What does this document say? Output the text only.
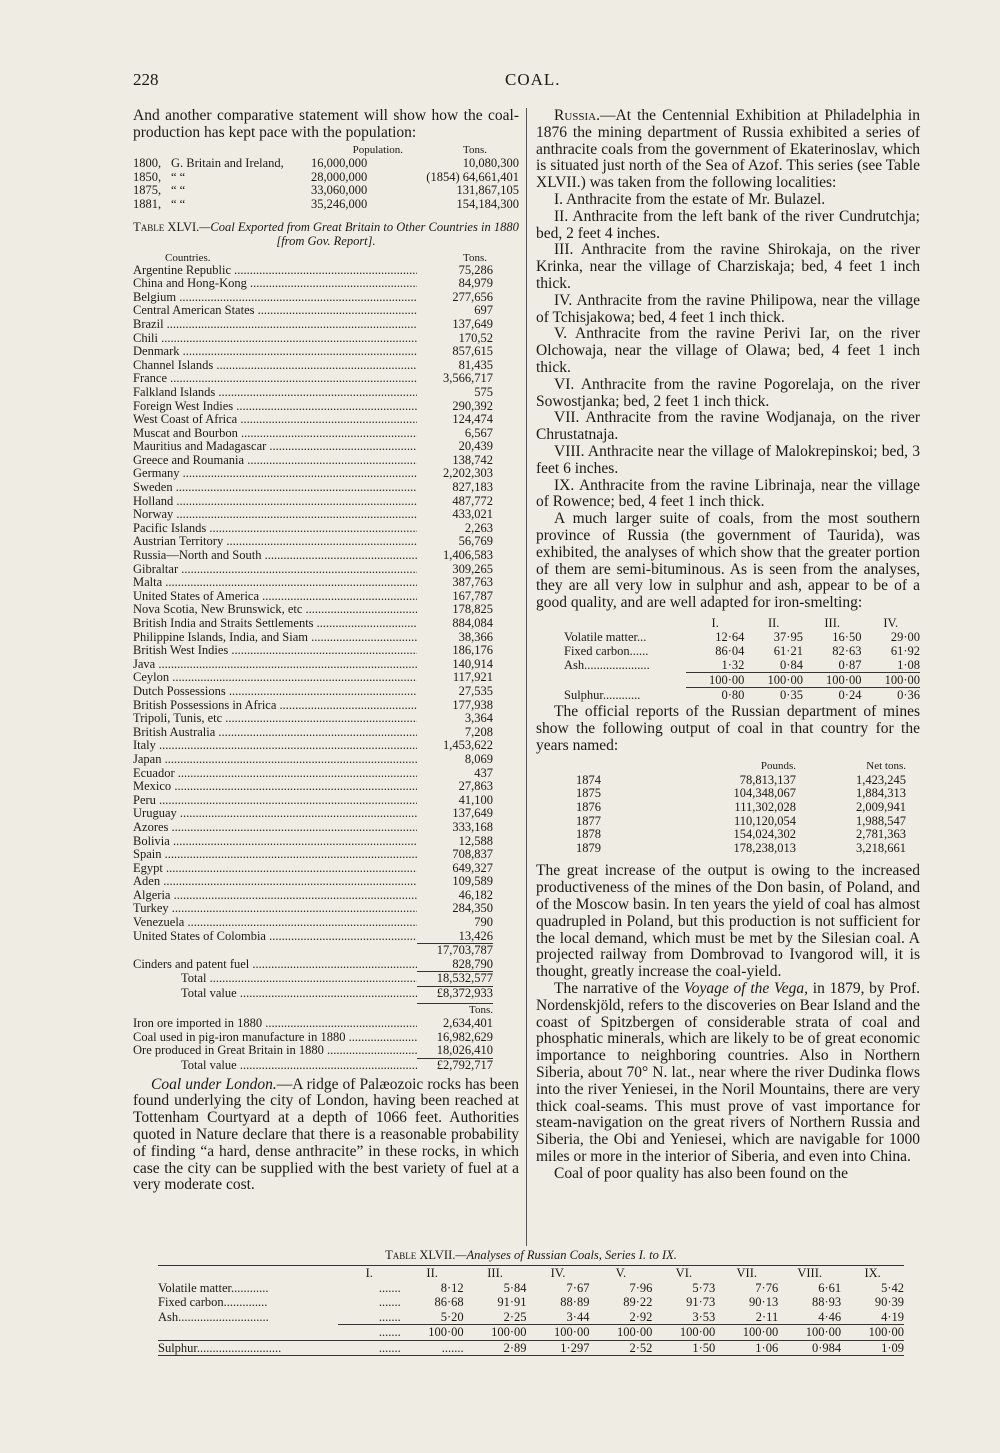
228	COAL.

And another comparative statement will show how the coal-production has kept pace with the population:

Population.	Tons.
1800, G. Britain and Ireland,	16,000,000	10,080,300
1850, “ “	28,000,000	(1854) 64,661,401
1875, “ “	33,060,000	131,867,105
1881, “ “	35,246,000	154,184,300
Table XLVI.—Coal Exported from Great Britain to Other Countries in 1880 [from Gov. Report].
Countries.	Tons.
Argentine Republic .....	75,286
China and Hong-Kong .....	84,979
Belgium .....	277,656
Central American States .....	697
Brazil .....	137,649
Chili .....	170,52
Denmark .....	857,615
Channel Islands .....	81,435
France .....	3,566,717
Falkland Islands .....	575
Foreign West Indies .....	290,392
West Coast of Africa .....	124,474
Muscat and Bourbon .....	6,567
Mauritius and Madagascar .....	20,439
Greece and Roumania .....	138,742
Germany .....	2,202,303
Sweden .....	827,183
Holland .....	487,772
Norway .....	433,021
Pacific Islands .....	2,263
Austrian Territory .....	56,769
Russia—North and South .....	1,406,583
Gibraltar .....	309,265
Malta .....	387,763
United States of America .....	167,787
Nova Scotia, New Brunswick, etc .....	178,825
British India and Straits Settlements .....	884,084
Philippine Islands, India, and Siam .....	38,366
British West Indies .....	186,176
Java .....	140,914
Ceylon .....	117,921
Dutch Possessions .....	27,535
British Possessions in Africa .....	177,938
Tripoli, Tunis, etc .....	3,364
British Australia .....	7,208
Italy .....	1,453,622
Japan .....	8,069
Ecuador .....	437
Mexico .....	27,863
Peru .....	41,100
Uruguay .....	137,649
Azores .....	333,168
Bolivia .....	12,588
Spain .....	708,837
Egypt .....	649,327
Aden .....	109,589
Algeria .....	46,182
Turkey .....	284,350
Venezuela .....	790
United States of Colombia .....	13,426
17,703,787
Cinders and patent fuel .....	828,790
Total .....	18,532,577
Total value .....	£8,372,933
Tons.
Iron ore imported in 1880 .....	2,634,401
Coal used in pig-iron manufacture in 1880 .....	16,982,629
Ore produced in Great Britain in 1880 .....	18,026,410
Total value .....	£2,792,717

Coal under London.—A ridge of Palæozoic rocks has been found underlying the city of London, having been reached at Tottenham Courtyard at a depth of 1066 feet. Authorities quoted in Nature declare that there is a reasonable probability of finding “a hard, dense anthracite” in these rocks, in which case the city can be supplied with the best variety of fuel at a very moderate cost.

Russia.—At the Centennial Exhibition at Philadelphia in 1876 the mining department of Russia exhibited a series of anthracite coals from the government of Ekaterinoslav, which is situated just north of the Sea of Azof. This series (see Table XLVII.) was taken from the following localities:

I. Anthracite from the estate of Mr. Bulazel.

II. Anthracite from the left bank of the river Cundrutchja; bed, 2 feet 4 inches.

III. Anthracite from the ravine Shirokaja, on the river Krinka, near the village of Charziskaja; bed, 4 feet 1 inch thick.

IV. Anthracite from the ravine Philipowa, near the village of Tchisjakowa; bed, 4 feet 1 inch thick.

V. Anthracite from the ravine Perivi Iar, on the river Olchowaja, near the village of Olawa; bed, 4 feet 1 inch thick.

VI. Anthracite from the ravine Pogorelaja, on the river Sowostjanka; bed, 2 feet 1 inch thick.

VII. Anthracite from the ravine Wodjanaja, on the river Chrustatnaja.

VIII. Anthracite near the village of Malokrepinskoi; bed, 3 feet 6 inches.

IX. Anthracite from the ravine Librinaja, near the village of Rowence; bed, 4 feet 1 inch thick.

A much larger suite of coals, from the most southern province of Russia (the government of Taurida), was exhibited, the analyses of which show that the greater portion of them are semi-bituminous. As is seen from the analyses, they are all very low in sulphur and ash, appear to be of a good quality, and are well adapted for iron-smelting:

I.	II.	III.	IV.
Volatile matter...	12·64	37·95	16·50	29·00
Fixed carbon......	86·04	61·21	82·63	61·92
Ash.....................	1·32	0·84	0·87	1·08
100·00	100·00	100·00	100·00
Sulphur............	0·80	0·35	0·24	0·36

The official reports of the Russian department of mines show the following output of coal in that country for the years named:

Pounds.	Net tons.
1874	78,813,137	1,423,245
1875	104,348,067	1,884,313
1876	111,302,028	2,009,941
1877	110,120,054	1,988,547
1878	154,024,302	2,781,363
1879	178,238,013	3,218,661

The great increase of the output is owing to the increased productiveness of the mines of the Don basin, of Poland, and of the Moscow basin. In ten years the yield of coal has almost quadrupled in Poland, but this production is not sufficient for the local demand, which must be met by the Silesian coal. A projected railway from Dombrovad to Ivangorod will, it is thought, greatly increase the coal-yield.

The narrative of the Voyage of the Vega, in 1879, by Prof. Nordenskjöld, refers to the discoveries on Bear Island and the coast of Spitzbergen of considerable strata of coal and phosphatic minerals, which are likely to be of great economic importance to neighboring countries. Also in Northern Siberia, about 70° N. lat., near where the river Dudinka flows into the river Yeniesei, in the Noril Mountains, there are very thick coal-seams. This must prove of vast importance for steam-navigation on the great rivers of Northern Russia and Siberia, the Obi and Yeniesei, which are navigable for 1000 miles or more in the interior of Siberia, and even into China.

Coal of poor quality has also been found on the

Table XLVII.—Analyses of Russian Coals, Series I. to IX.
I.	II.	III.	IV.	V.	VI.	VII.	VIII.	IX.
Volatile matter............	.......	8·12	5·84	7·67	7·96	5·73	7·76	6·61	5·42
Fixed carbon..............	.......	86·68	91·91	88·89	89·22	91·73	90·13	88·93	90·39
Ash.............................	.......	5·20	2·25	3·44	2·92	3·53	2·11	4·46	4·19
.......	100·00	100·00	100·00	100·00	100·00	100·00	100·00	100·00
Sulphur...........................	.......	.......	2·89	1·297	2·52	1·50	1·06	0·984	1·09
